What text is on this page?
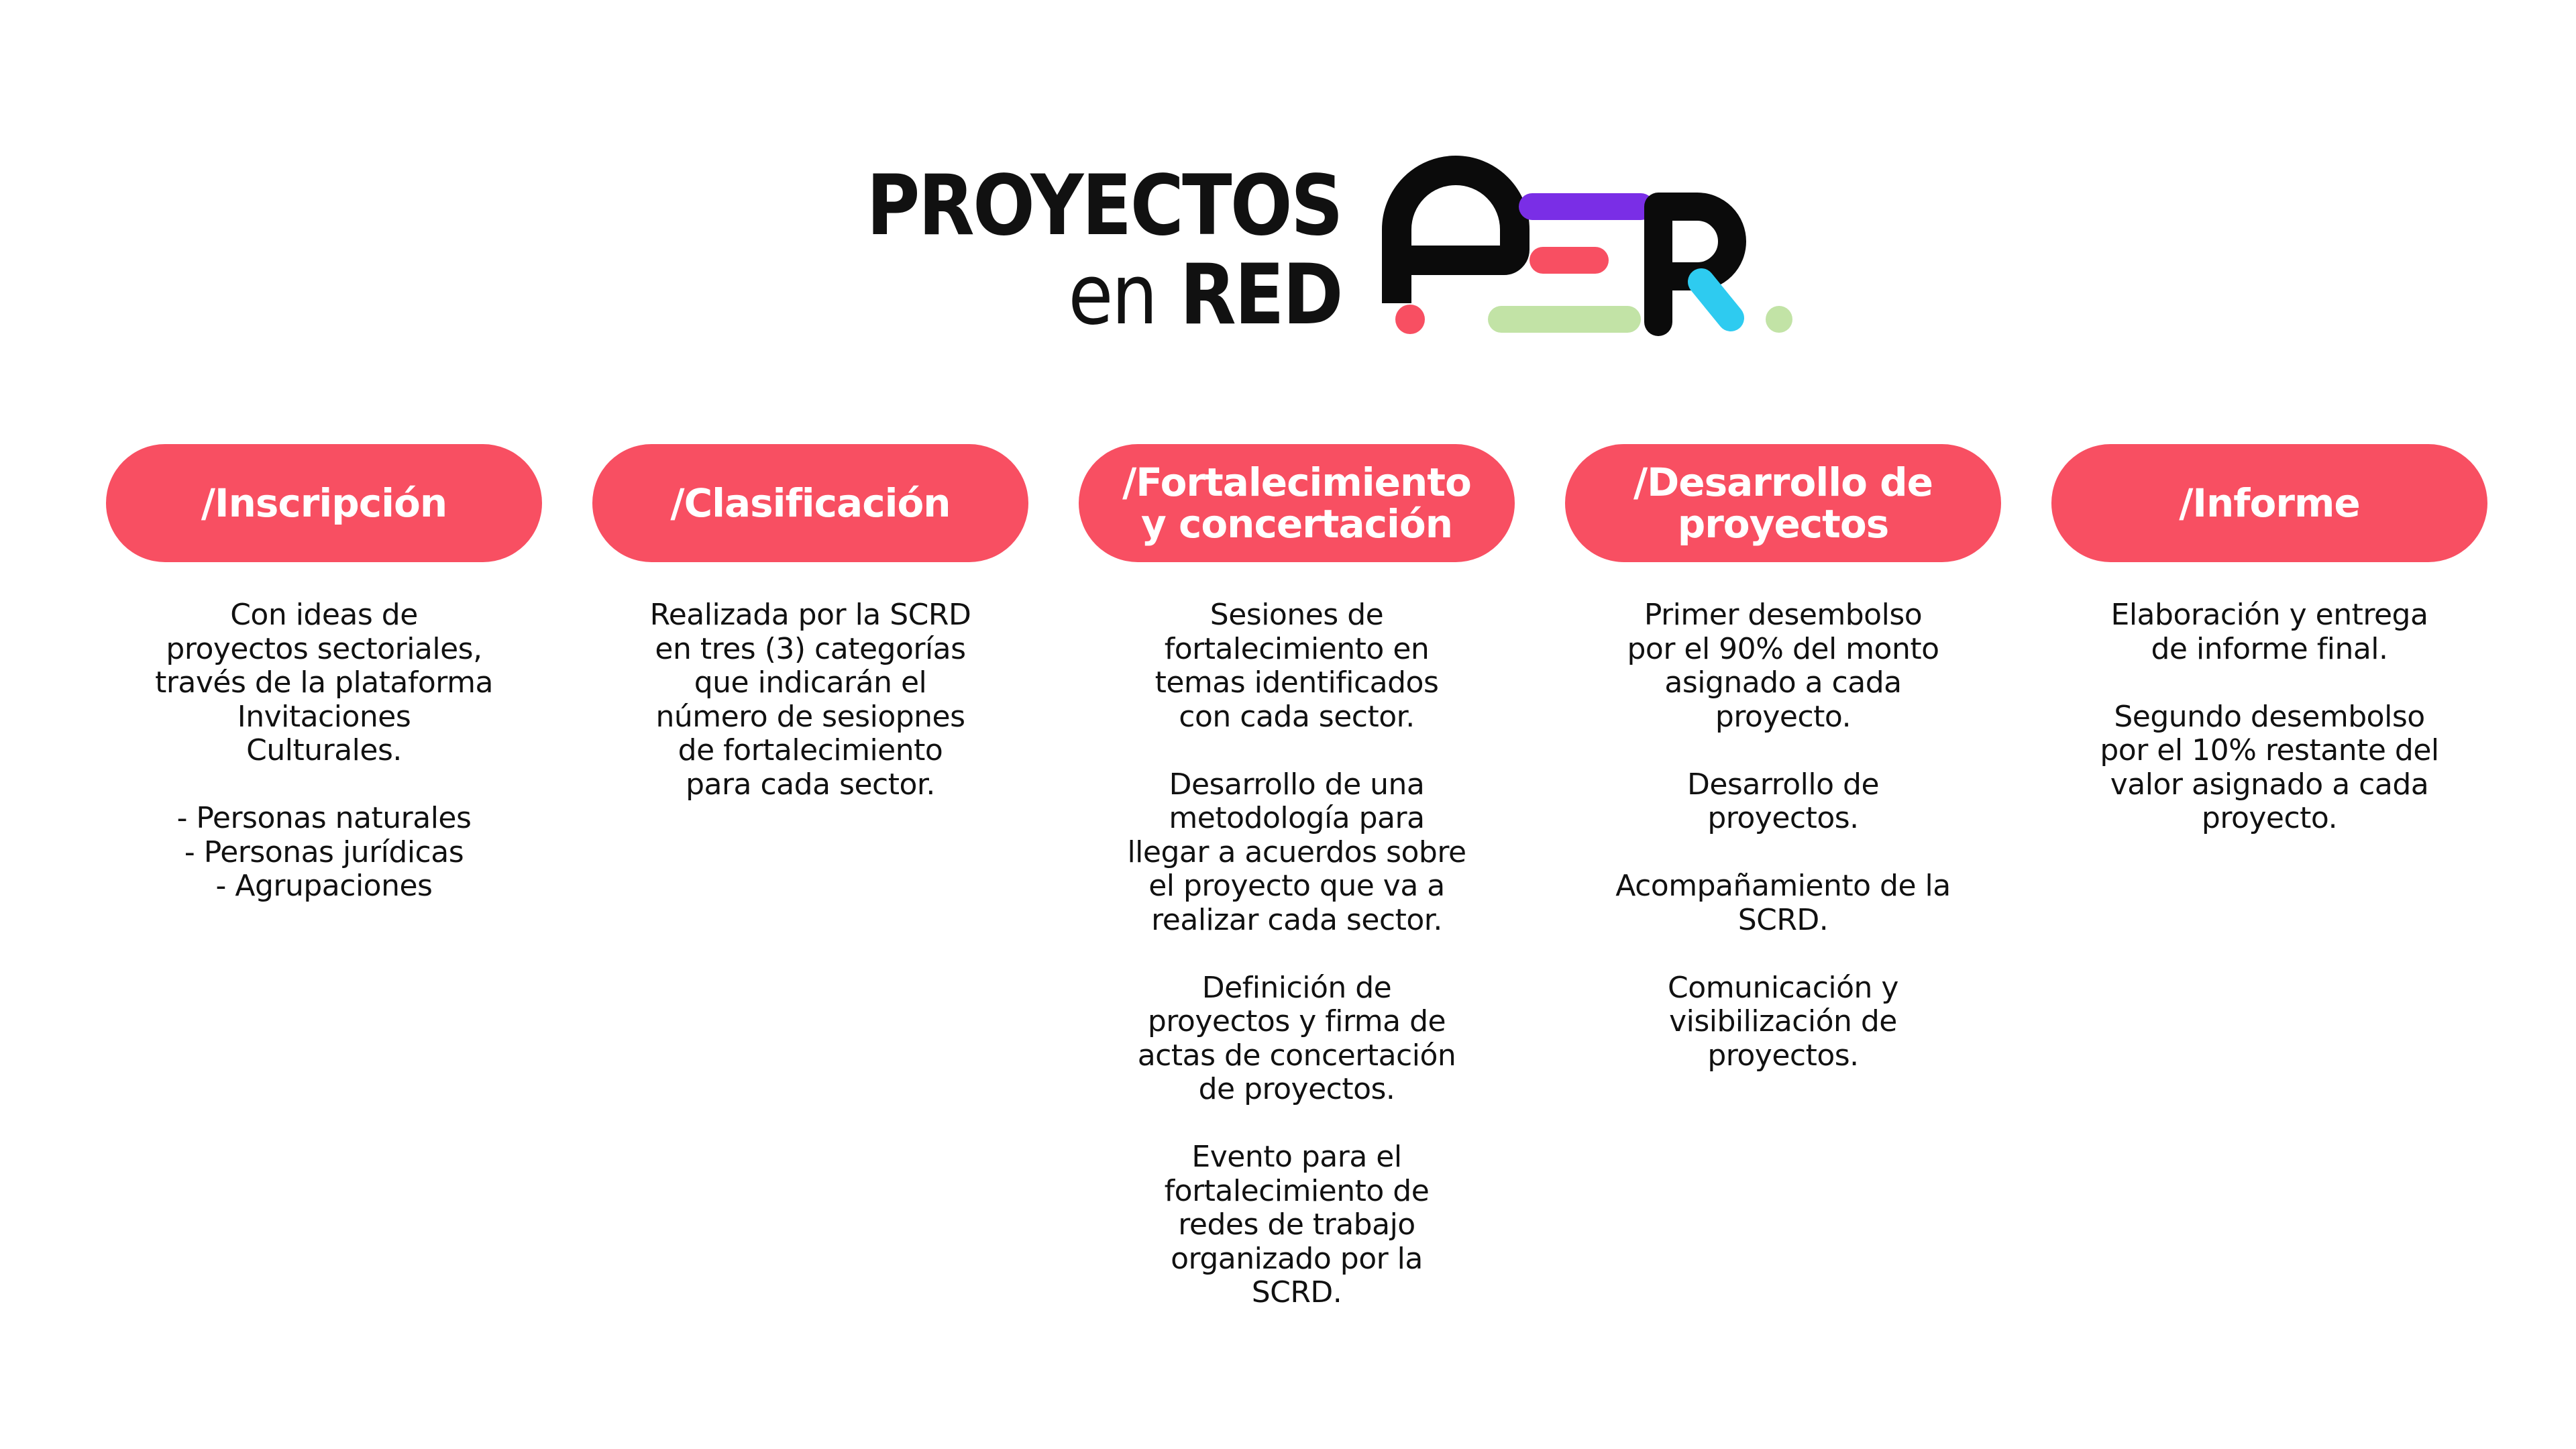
PROYECTOS
en RED
/Inscripción
Con ideas de
proyectos sectoriales,
través de la plataforma
Invitaciones
Culturales.

- Personas naturales
- Personas jurídicas
- Agrupaciones
/Clasificación
Realizada por la SCRD
en tres (3) categorías
que indicarán el
número de sesiopnes
de fortalecimiento
para cada sector.
/Fortalecimiento
y concertación
Sesiones de
fortalecimiento en
temas identificados
con cada sector.

Desarrollo de una
metodología para
llegar a acuerdos sobre
el proyecto que va a
realizar cada sector.

Definición de
proyectos y firma de
actas de concertación
de proyectos.

Evento para el
fortalecimiento de
redes de trabajo
organizado por la
SCRD.
/Desarrollo de
proyectos
Primer desembolso
por el 90% del monto
asignado a cada
proyecto.

Desarrollo de
proyectos.

Acompañamiento de la
SCRD.

Comunicación y
visibilización de
proyectos.
/Informe
Elaboración y entrega
de informe final.

Segundo desembolso
por el 10% restante del
valor asignado a cada
proyecto.
